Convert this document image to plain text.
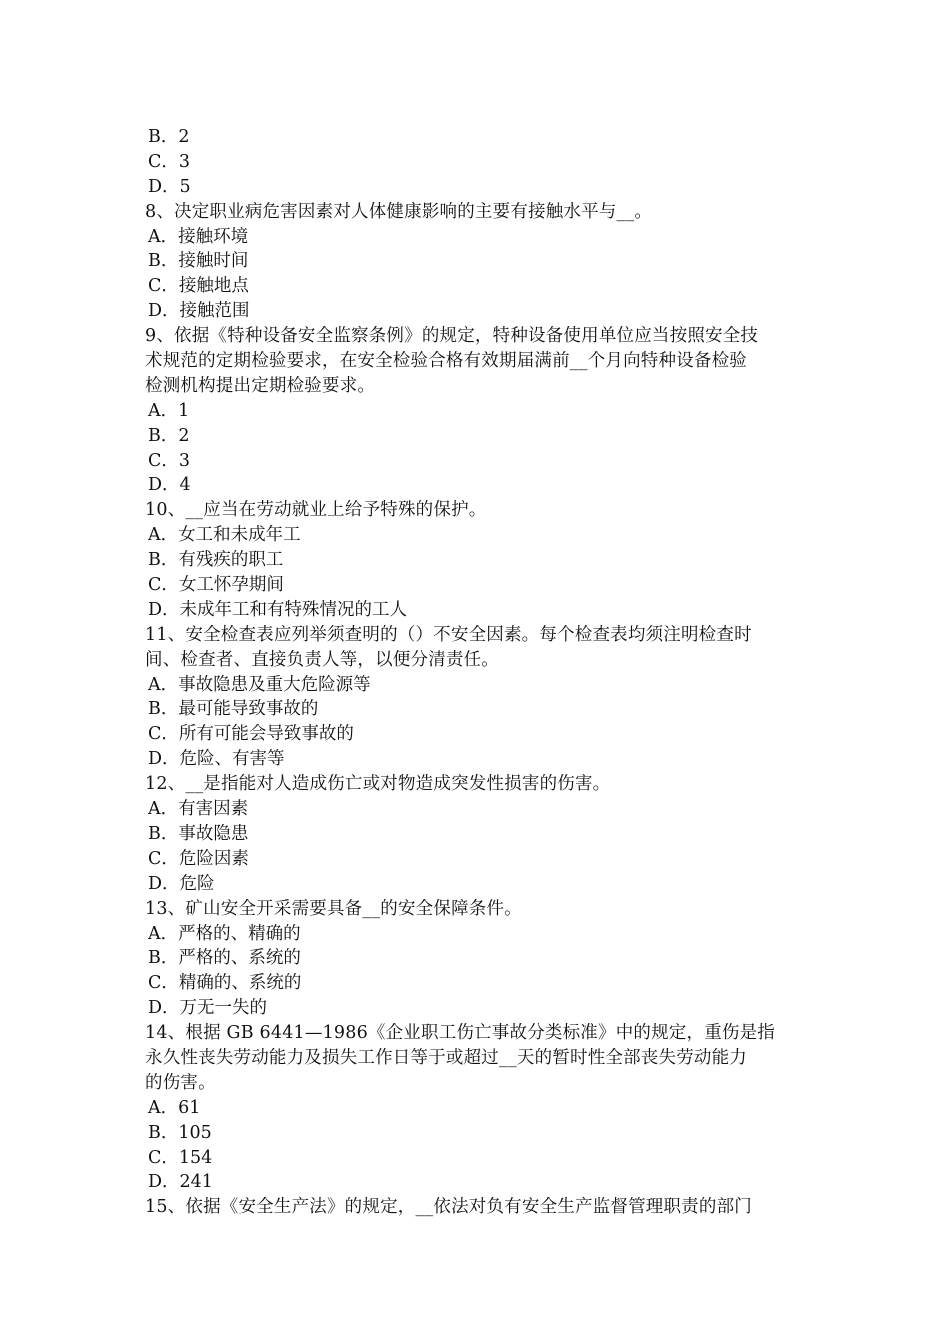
B．2
C．3
D．5
8、决定职业病危害因素对人体健康影响的主要有接触水平与__。
A．接触环境
B．接触时间
C．接触地点
D．接触范围
9、依据《特种设备安全监察条例》的规定，特种设备使用单位应当按照安全技
术规范的定期检验要求，在安全检验合格有效期届满前__个月向特种设备检验
检测机构提出定期检验要求。
A．1
B．2
C．3
D．4
10、__应当在劳动就业上给予特殊的保护。
A．女工和未成年工
B．有残疾的职工
C．女工怀孕期间
D．未成年工和有特殊情况的工人
11、安全检查表应列举须查明的（）不安全因素。每个检查表均须注明检查时
间、检查者、直接负责人等，以便分清责任。
A．事故隐患及重大危险源等
B．最可能导致事故的
C．所有可能会导致事故的
D．危险、有害等
12、__是指能对人造成伤亡或对物造成突发性损害的伤害。
A．有害因素
B．事故隐患
C．危险因素
D．危险
13、矿山安全开采需要具备__的安全保障条件。
A．严格的、精确的
B．严格的、系统的
C．精确的、系统的
D．万无一失的
14、根据 GB 6441—1986《企业职工伤亡事故分类标准》中的规定，重伤是指
永久性丧失劳动能力及损失工作日等于或超过__天的暂时性全部丧失劳动能力
的伤害。
A．61
B．105
C．154
D．241
15、依据《安全生产法》的规定，__依法对负有安全生产监督管理职责的部门
